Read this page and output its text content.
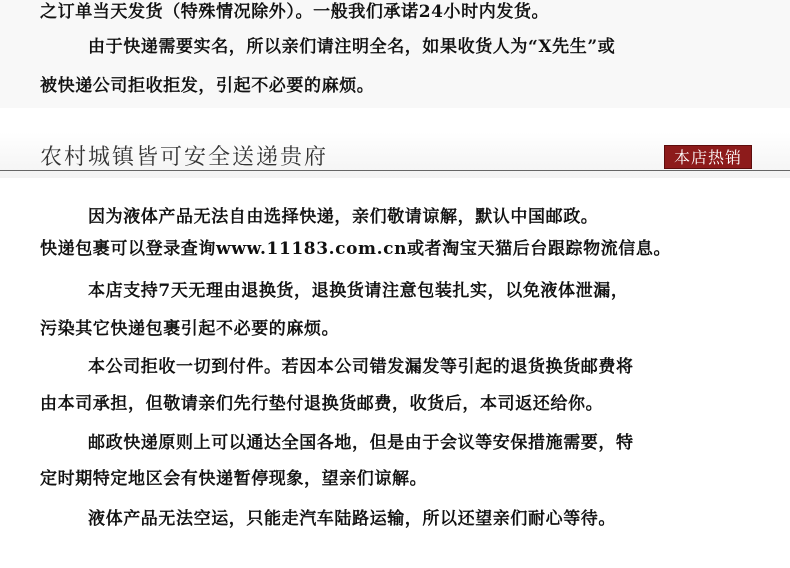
之订单当天发货（特殊情况除外）。一般我们承诺24小时内发货。

由于快递需要实名，所以亲们请注明全名，如果收货人为“X先生”或

被快递公司拒收拒发，引起不必要的麻烦。

农村城镇皆可安全送递贵府	本店热销

因为液体产品无法自由选择快递，亲们敬请谅解，默认中国邮政。

快递包裹可以登录查询www.11183.com.cn或者淘宝天猫后台跟踪物流信息。

本店支持7天无理由退换货，退换货请注意包装扎实，以免液体泄漏，

污染其它快递包裹引起不必要的麻烦。

本公司拒收一切到付件。若因本公司错发漏发等引起的退货换货邮费将

由本司承担，但敬请亲们先行垫付退换货邮费，收货后，本司返还给你。

邮政快递原则上可以通达全国各地，但是由于会议等安保措施需要，特

定时期特定地区会有快递暂停现象，望亲们谅解。

液体产品无法空运，只能走汽车陆路运输，所以还望亲们耐心等待。
